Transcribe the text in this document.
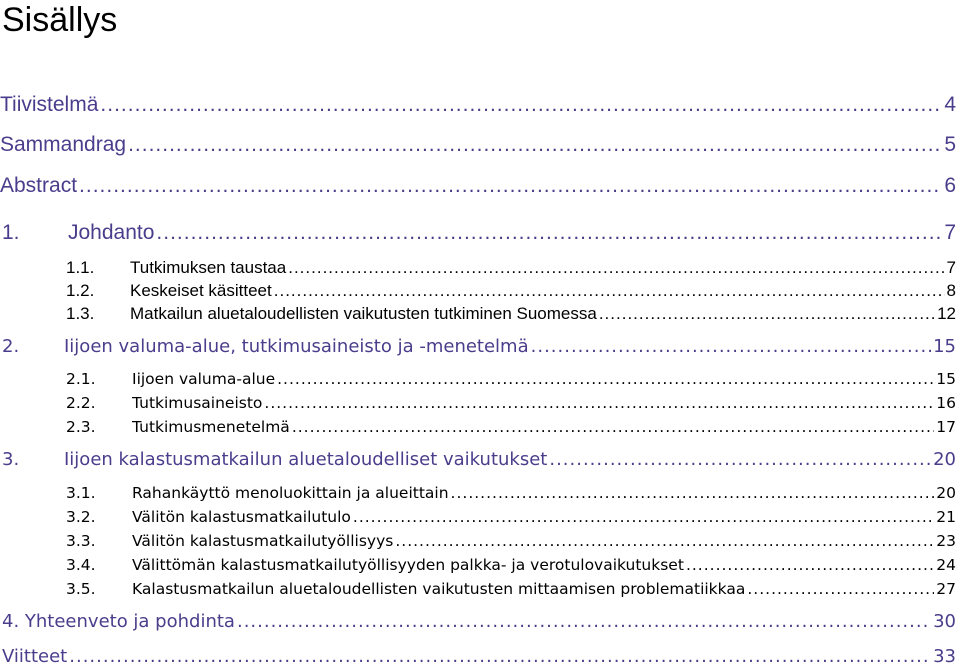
Sisällys
Tiivistelmä .....	4
Sammandrag .....	5
Abstract .....	6
1.	Johdanto .....	7
1.1.	Tutkimuksen taustaa .....	7
1.2.	Keskeiset käsitteet .....	8
1.3.	Matkailun aluetaloudellisten vaikutusten tutkiminen Suomessa .....	12
2.	Iijoen valuma-alue, tutkimusaineisto ja -menetelmä .....	15
2.1.	Iijoen valuma-alue .....	15
2.2.	Tutkimusaineisto .....	16
2.3.	Tutkimusmenetelmä .....	17
3.	Iijoen kalastusmatkailun aluetaloudelliset vaikutukset .....	20
3.1.	Rahankäyttö menoluokittain ja alueittain .....	20
3.2.	Välitön kalastusmatkailutulo .....	21
3.3.	Välitön kalastusmatkailutyöllisyys .....	23
3.4.	Välittömän kalastusmatkailutyöllisyyden palkka- ja verotulovaikutukset .....	24
3.5.	Kalastusmatkailun aluetaloudellisten vaikutusten mittaamisen problematiikkaa .....	27
4. Yhteenveto ja pohdinta .....	30
Viitteet .....	33
